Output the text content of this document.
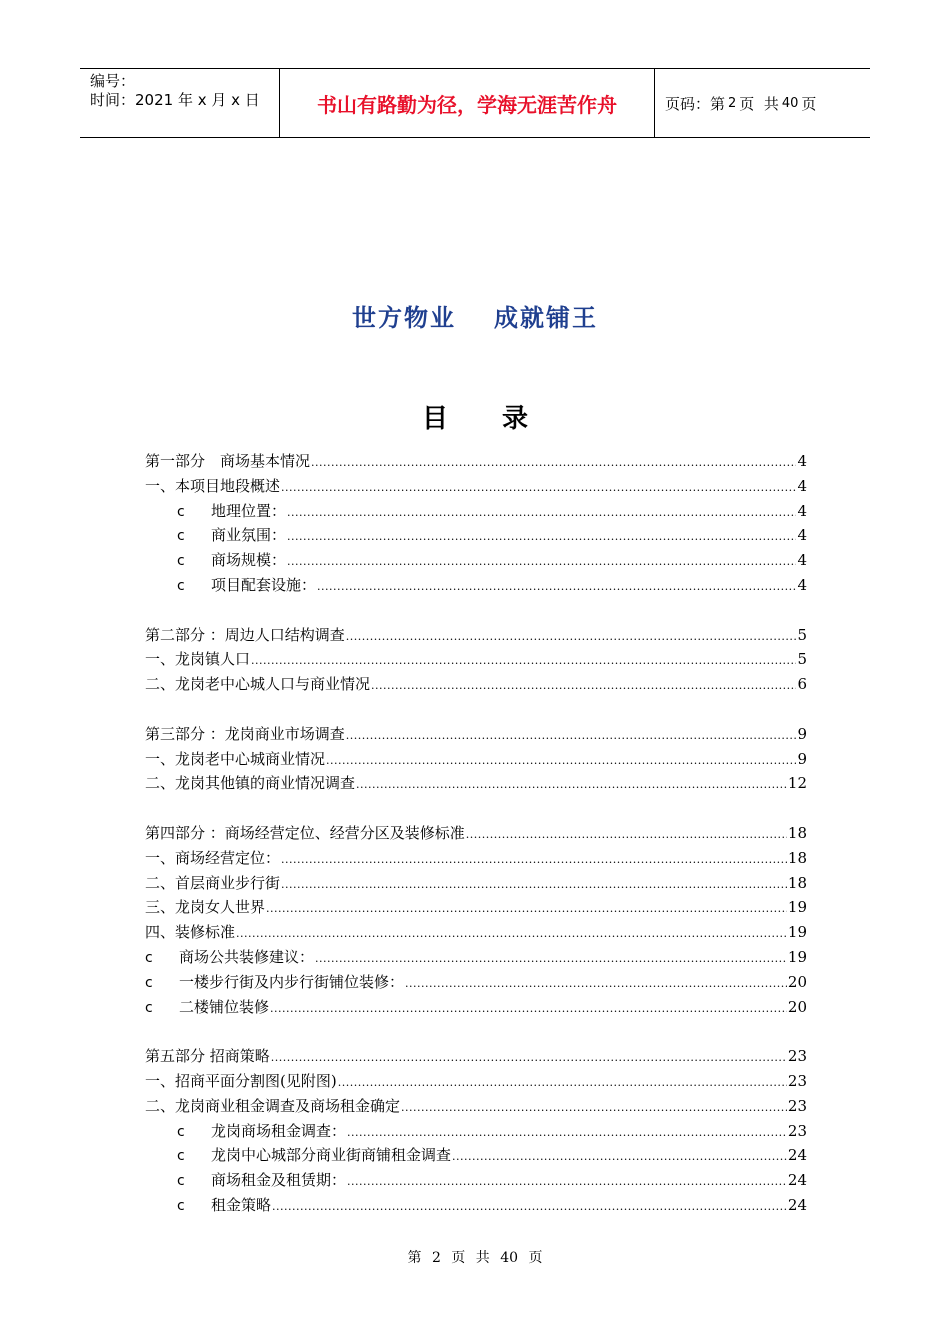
编号：
时间：2021 年 x 月 x 日	书山有路勤为径，学海无涯苦作舟	页码：第 2 页  共 40 页
世方物业 成就铺王
目 录
第一部分　商场基本情况 .....	4
一、本项目地段概述 .....	4
c	地理位置： .....	4
c	商业氛围： .....	4
c	商场规模： .....	4
c	项目配套设施： .....	4
第二部分 ：周边人口结构调查 .....	5
一、龙岗镇人口 .....	5
二、龙岗老中心城人口与商业情况 .....	6
第三部分 ：龙岗商业市场调查 .....	9
一、龙岗老中心城商业情况 .....	9
二、龙岗其他镇的商业情况调查 .....	12
第四部分 ：商场经营定位、经营分区及装修标准 .....	18
一、商场经营定位： .....	18
二、首层商业步行街 .....	18
三、龙岗女人世界 .....	19
四、装修标准 .....	19
c	商场公共装修建议： .....	19
c	一楼步行街及内步行街铺位装修： .....	20
c	二楼铺位装修 .....	20
第五部分 招商策略 .....	23
一、招商平面分割图(见附图) .....	23
二、龙岗商业租金调查及商场租金确定 .....	23
c	龙岗商场租金调查： .....	23
c	龙岗中心城部分商业街商铺租金调查 .....	24
c	商场租金及租赁期： .....	24
c	租金策略 .....	24
第 2 页 共 40 页
